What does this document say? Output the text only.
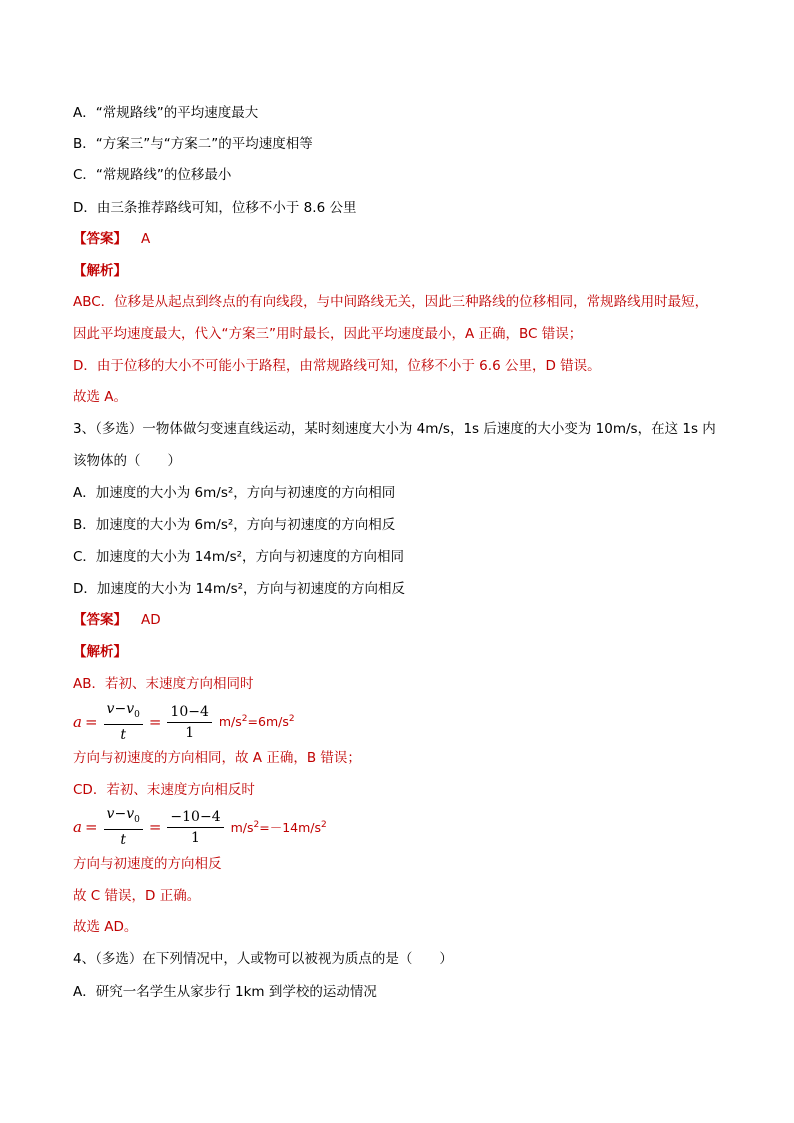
A．“常规路线”的平均速度最大
B．“方案三”与“方案二”的平均速度相等
C．“常规路线”的位移最小
D．由三条推荐路线可知，位移不小于 8.6 公里
【答案】 A
【解析】
ABC．位移是从起点到终点的有向线段，与中间路线无关，因此三种路线的位移相同，常规路线用时最短，
因此平均速度最大，代入“方案三”用时最长，因此平均速度最小，A 正确，BC 错误；
D．由于位移的大小不可能小于路程，由常规路线可知，位移不小于 6.6 公里，D 错误。
故选 A。
3、（多选）一物体做匀变速直线运动，某时刻速度大小为 4m/s，1s 后速度的大小变为 10m/s，在这 1s 内
该物体的（　　）
A．加速度的大小为 6m/s²，方向与初速度的方向相同
B．加速度的大小为 6m/s²，方向与初速度的方向相反
C．加速度的大小为 14m/s²，方向与初速度的方向相同
D．加速度的大小为 14m/s²，方向与初速度的方向相反
【答案】 AD
【解析】
AB．若初、末速度方向相同时
$a = \frac{v-v_0}{t} = \frac{10-4}{1} m/s^2=6m/s^2$
方向与初速度的方向相同，故 A 正确，B 错误；
CD．若初、末速度方向相反时
$a = \frac{v-v_0}{t} = \frac{-10-4}{1} m/s^2=-14m/s^2$
方向与初速度的方向相反
故 C 错误，D 正确。
故选 AD。
4、（多选）在下列情况中，人或物可以被视为质点的是（　　）
A．研究一名学生从家步行 1km 到学校的运动情况
